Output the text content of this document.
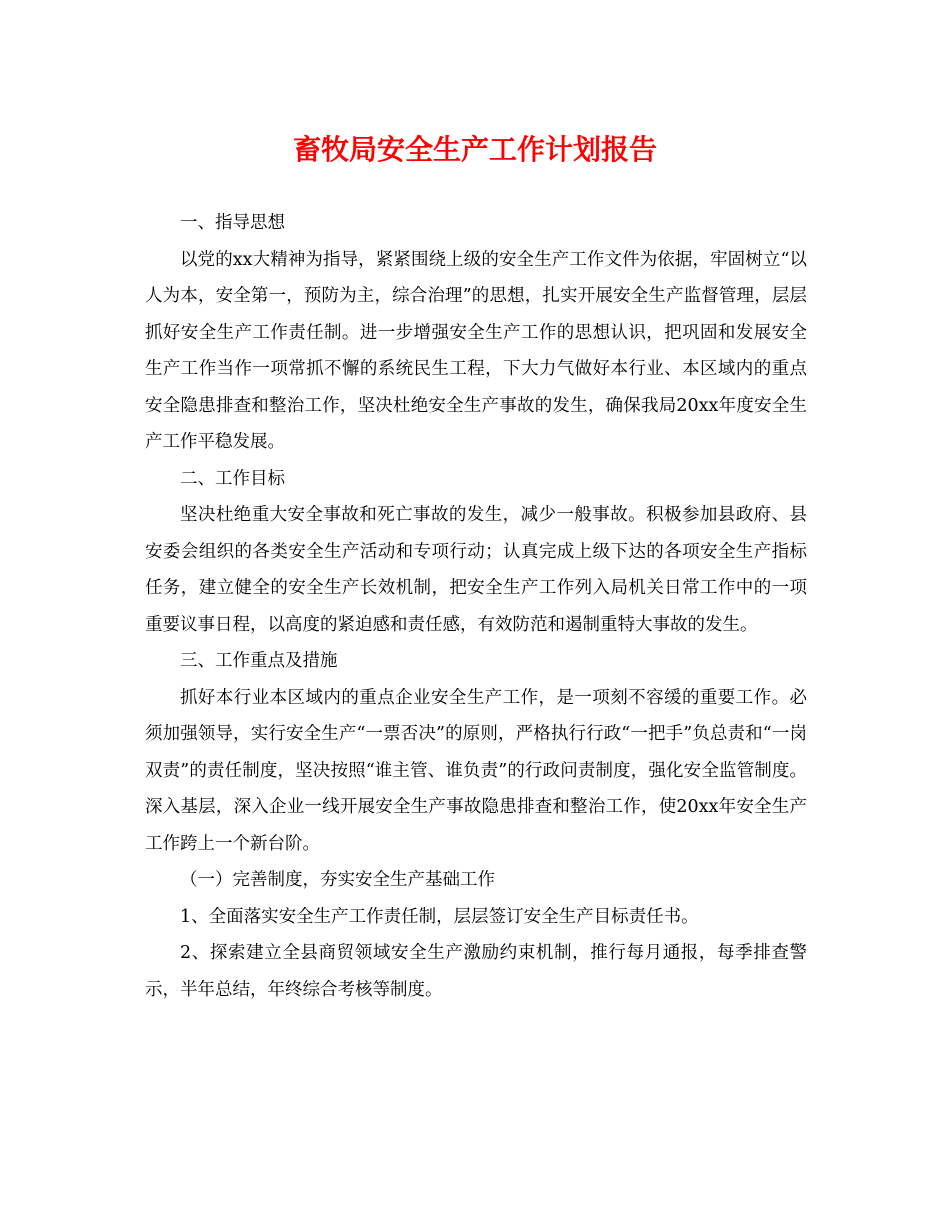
畜牧局安全生产工作计划报告

一、指导思想

以党的xx大精神为指导，紧紧围绕上级的安全生产工作文件为依据，牢固树立“以人为本，安全第一，预防为主，综合治理”的思想，扎实开展安全生产监督管理，层层抓好安全生产工作责任制。进一步增强安全生产工作的思想认识，把巩固和发展安全生产工作当作一项常抓不懈的系统民生工程，下大力气做好本行业、本区域内的重点安全隐患排查和整治工作，坚决杜绝安全生产事故的发生，确保我局20xx年度安全生产工作平稳发展。

二、工作目标

坚决杜绝重大安全事故和死亡事故的发生，减少一般事故。积极参加县政府、县安委会组织的各类安全生产活动和专项行动；认真完成上级下达的各项安全生产指标任务，建立健全的安全生产长效机制，把安全生产工作列入局机关日常工作中的一项重要议事日程，以高度的紧迫感和责任感，有效防范和遏制重特大事故的发生。

三、工作重点及措施

抓好本行业本区域内的重点企业安全生产工作，是一项刻不容缓的重要工作。必须加强领导，实行安全生产“一票否决”的原则，严格执行行政“一把手”负总责和“一岗双责”的责任制度，坚决按照“谁主管、谁负责”的行政问责制度，强化安全监管制度。深入基层，深入企业一线开展安全生产事故隐患排查和整治工作，使20xx年安全生产工作跨上一个新台阶。

（一）完善制度，夯实安全生产基础工作

1、全面落实安全生产工作责任制，层层签订安全生产目标责任书。

2、探索建立全县商贸领域安全生产激励约束机制，推行每月通报，每季排查警示，半年总结，年终综合考核等制度。
